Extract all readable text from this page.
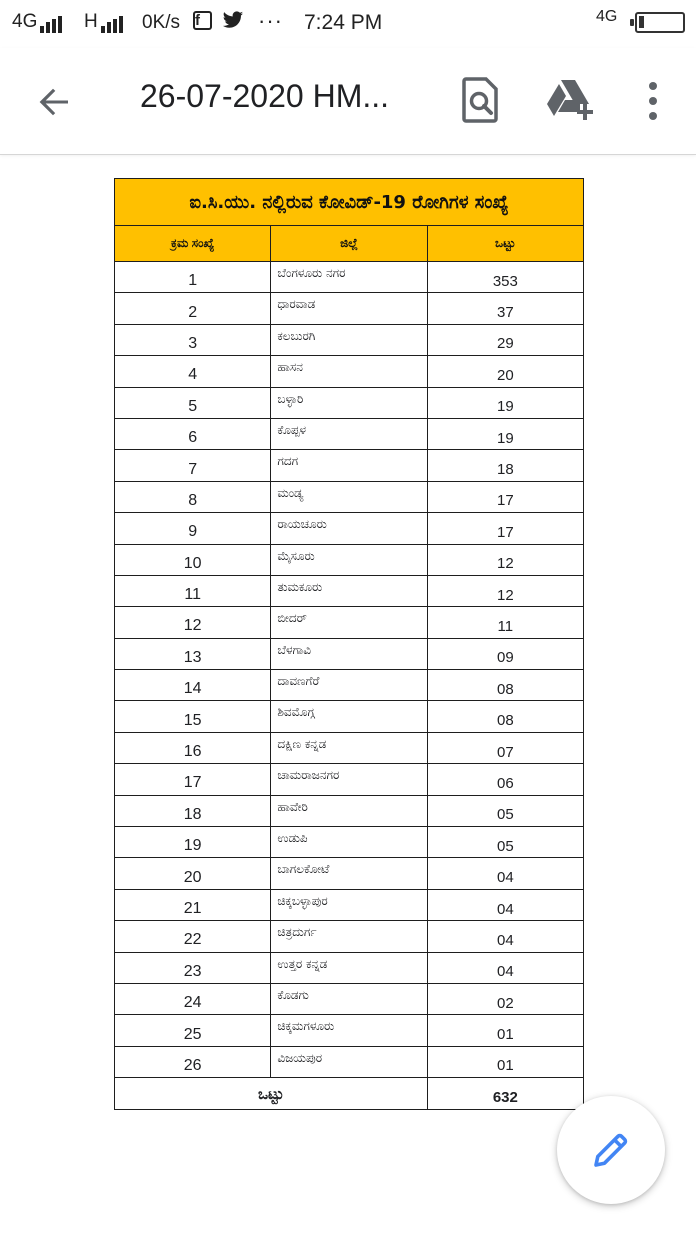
4G H 0K/s f	··· 7:24 PM	4G
26-07-2020 HM...
ಐ.ಸಿ.ಯು. ನಲ್ಲಿರುವ ಕೋವಿಡ್-19 ರೋಗಿಗಳ ಸಂಖ್ಯೆ		
ಕ್ರಮ ಸಂಖ್ಯೆ	ಜಿಲ್ಲೆ	ಒಟ್ಟು
1	ಬೆಂಗಳೂರು ನಗರ	353
2	ಧಾರವಾಡ	37
3	ಕಲಬುರಗಿ	29
4	ಹಾಸನ	20
5	ಬಳ್ಳಾರಿ	19
6	ಕೊಪ್ಪಳ	19
7	ಗದಗ	18
8	ಮಂಡ್ಯ	17
9	ರಾಯಚೂರು	17
10	ಮೈಸೂರು	12
11	ತುಮಕೂರು	12
12	ಬೀದರ್	11
13	ಬೆಳಗಾವಿ	09
14	ದಾವಣಗೆರೆ	08
15	ಶಿವಮೊಗ್ಗ	08
16	ದಕ್ಷಿಣ ಕನ್ನಡ	07
17	ಚಾಮರಾಜನಗರ	06
18	ಹಾವೇರಿ	05
19	ಉಡುಪಿ	05
20	ಬಾಗಲಕೋಟೆ	04
21	ಚಿಕ್ಕಬಳ್ಳಾಪುರ	04
22	ಚಿತ್ರದುರ್ಗ	04
23	ಉತ್ತರ ಕನ್ನಡ	04
24	ಕೊಡಗು	02
25	ಚಿಕ್ಕಮಗಳೂರು	01
26	ವಿಜಯಪುರ	01
ಒಟ್ಟು		632
